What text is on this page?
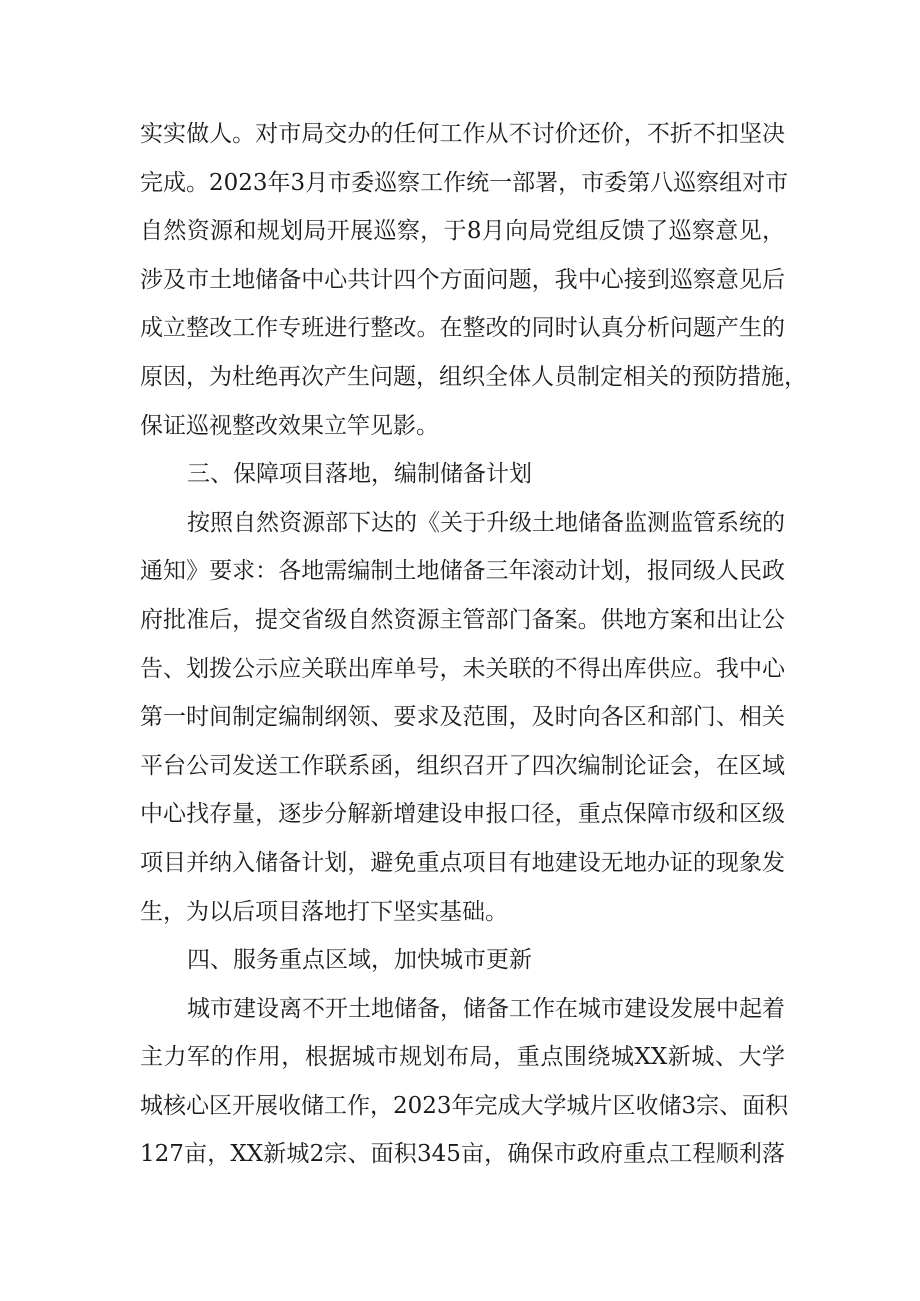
实实做人。对市局交办的任何工作从不讨价还价，不折不扣坚决
完成。2023年3月市委巡察工作统一部署，市委第八巡察组对市
自然资源和规划局开展巡察，于8月向局党组反馈了巡察意见，
涉及市土地储备中心共计四个方面问题，我中心接到巡察意见后
成立整改工作专班进行整改。在整改的同时认真分析问题产生的
原因，为杜绝再次产生问题，组织全体人员制定相关的预防措施，
保证巡视整改效果立竿见影。
三、保障项目落地，编制储备计划
按照自然资源部下达的《关于升级土地储备监测监管系统的
通知》要求：各地需编制土地储备三年滚动计划，报同级人民政
府批准后，提交省级自然资源主管部门备案。供地方案和出让公
告、划拨公示应关联出库单号，未关联的不得出库供应。我中心
第一时间制定编制纲领、要求及范围，及时向各区和部门、相关
平台公司发送工作联系函，组织召开了四次编制论证会，在区域
中心找存量，逐步分解新增建设申报口径，重点保障市级和区级
项目并纳入储备计划，避免重点项目有地建设无地办证的现象发
生，为以后项目落地打下坚实基础。
四、服务重点区域，加快城市更新
城市建设离不开土地储备，储备工作在城市建设发展中起着
主力军的作用，根据城市规划布局，重点围绕城XX新城、大学
城核心区开展收储工作，2023年完成大学城片区收储3宗、面积
127亩，XX新城2宗、面积345亩，确保市政府重点工程顺利落
